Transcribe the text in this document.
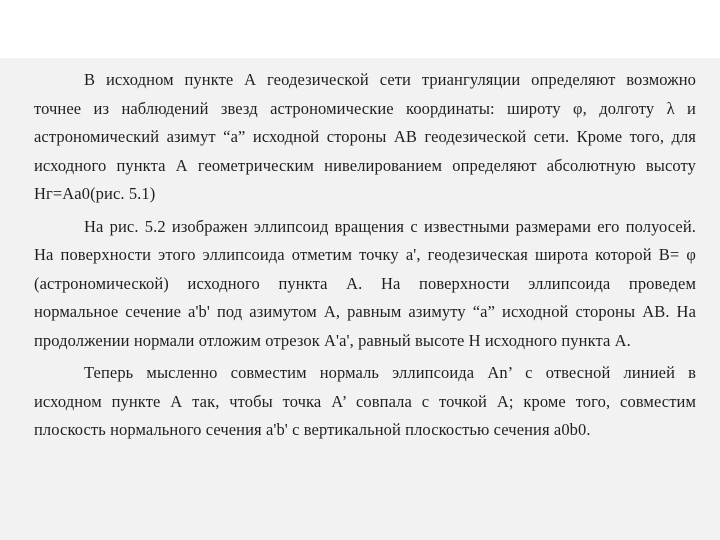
В исходном пункте А геодезической сети триангуляции определяют возможно
точнее из наблюдений звезд астрономические координаты: широту φ, долготу λ и
астрономический азимут “а” исходной стороны АВ геодезической сети. Кроме того, для
исходного пункта А геометрическим нивелированием определяют абсолютную высоту
Нг=Aa0(рис. 5.1)
На рис. 5.2 изображен эллипсоид вращения с известными размерами его полуосей.
На поверхности этого эллипсоида отметим точку а', геодезическая широта которой В= φ
(астрономической) исходного пункта А. На поверхности эллипсоида проведем
нормальное сечение a'b' под азимутом А, равным азимуту “а” исходной стороны АВ. На
продолжении нормали отложим отрезок А'а', равный высоте Н исходного пункта А.
Теперь мысленно совместим нормаль эллипсоида Аn’ с отвесной линией в
исходном пункте А так, чтобы точка А’ совпала с точкой А; кроме того, совместим
плоскость нормального сечения a'b' с вертикальной плоскостью сечения a0b0.
